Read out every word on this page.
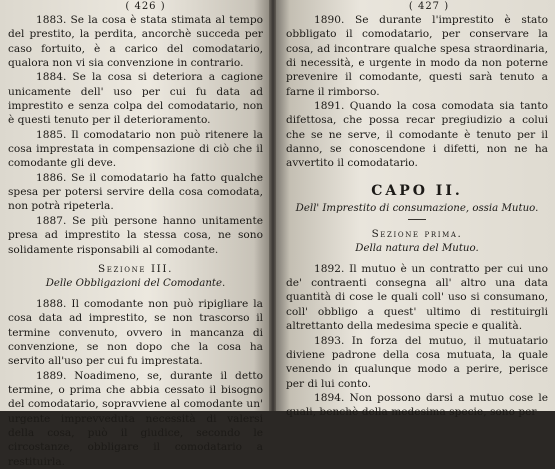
( 426 )

1883. Se la cosa è stata stimata al tempo del prestito, la perdita, ancorchè succeda per caso fortuito, è a carico del comodatario, qualora non vi sia convenzione in contrario.

1884. Se la cosa si deteriora a cagione unicamente dell' uso per cui fu data ad imprestito e senza colpa del comodatario, non è questi tenuto per il deterioramento.

1885. Il comodatario non può ritenere la cosa imprestata in compensazione di ciò che il comodante gli deve.

1886. Se il comodatario ha fatto qualche spesa per potersi servire della cosa comodata, non potrà ripeterla.

1887. Se più persone hanno unitamente presa ad imprestito la stessa cosa, ne sono solidamente risponsabili al comodante.

Sezione III.
Delle Obbligazioni del Comodante.

1888. Il comodante non può ripigliare la cosa data ad imprestito, se non trascorso il termine convenuto, ovvero in mancanza di convenzione, se non dopo che la cosa ha servito all'uso per cui fu imprestata.

1889. Noadimeno, se, durante il detto termine, o prima che abbia cessato il bisogno del comodatario, sopravviene al comodante un' urgente imprevveduta necessità di valersi della cosa, può il giudice, secondo le circostanze, obbligare il comodatario a restituirla.

( 427 )

1890. Se durante l'imprestito è stato obbligato il comodatario, per conservare la cosa, ad incontrare qualche spesa straordinaria, di necessità, e urgente in modo da non poterne prevenire il comodante, questi sarà tenuto a farne il rimborso.

1891. Quando la cosa comodata sia tanto difettosa, che possa recar pregiudizio a colui che se ne serve, il comodante è tenuto per il danno, se conoscendone i difetti, non ne ha avvertito il comodatario.

CAPO II.
Dell' Imprestito di consumazione, ossia Mutuo.
Sezione prima.
Della natura del Mutuo.

1892. Il mutuo è un contratto per cui uno de' contraenti consegna all' altro una data quantità di cose le quali coll' uso si consumano, coll' obbligo a quest' ultimo di restituirgli altrettanto della medesima specie e qualità.

1893. In forza del mutuo, il mutuatario diviene padrone della cosa mutuata, la quale venendo in qualunque modo a perire, perisce per di lui conto.

1894. Non possono darsi a mutuo cose le quali, benchè della medesima specie, sono per
